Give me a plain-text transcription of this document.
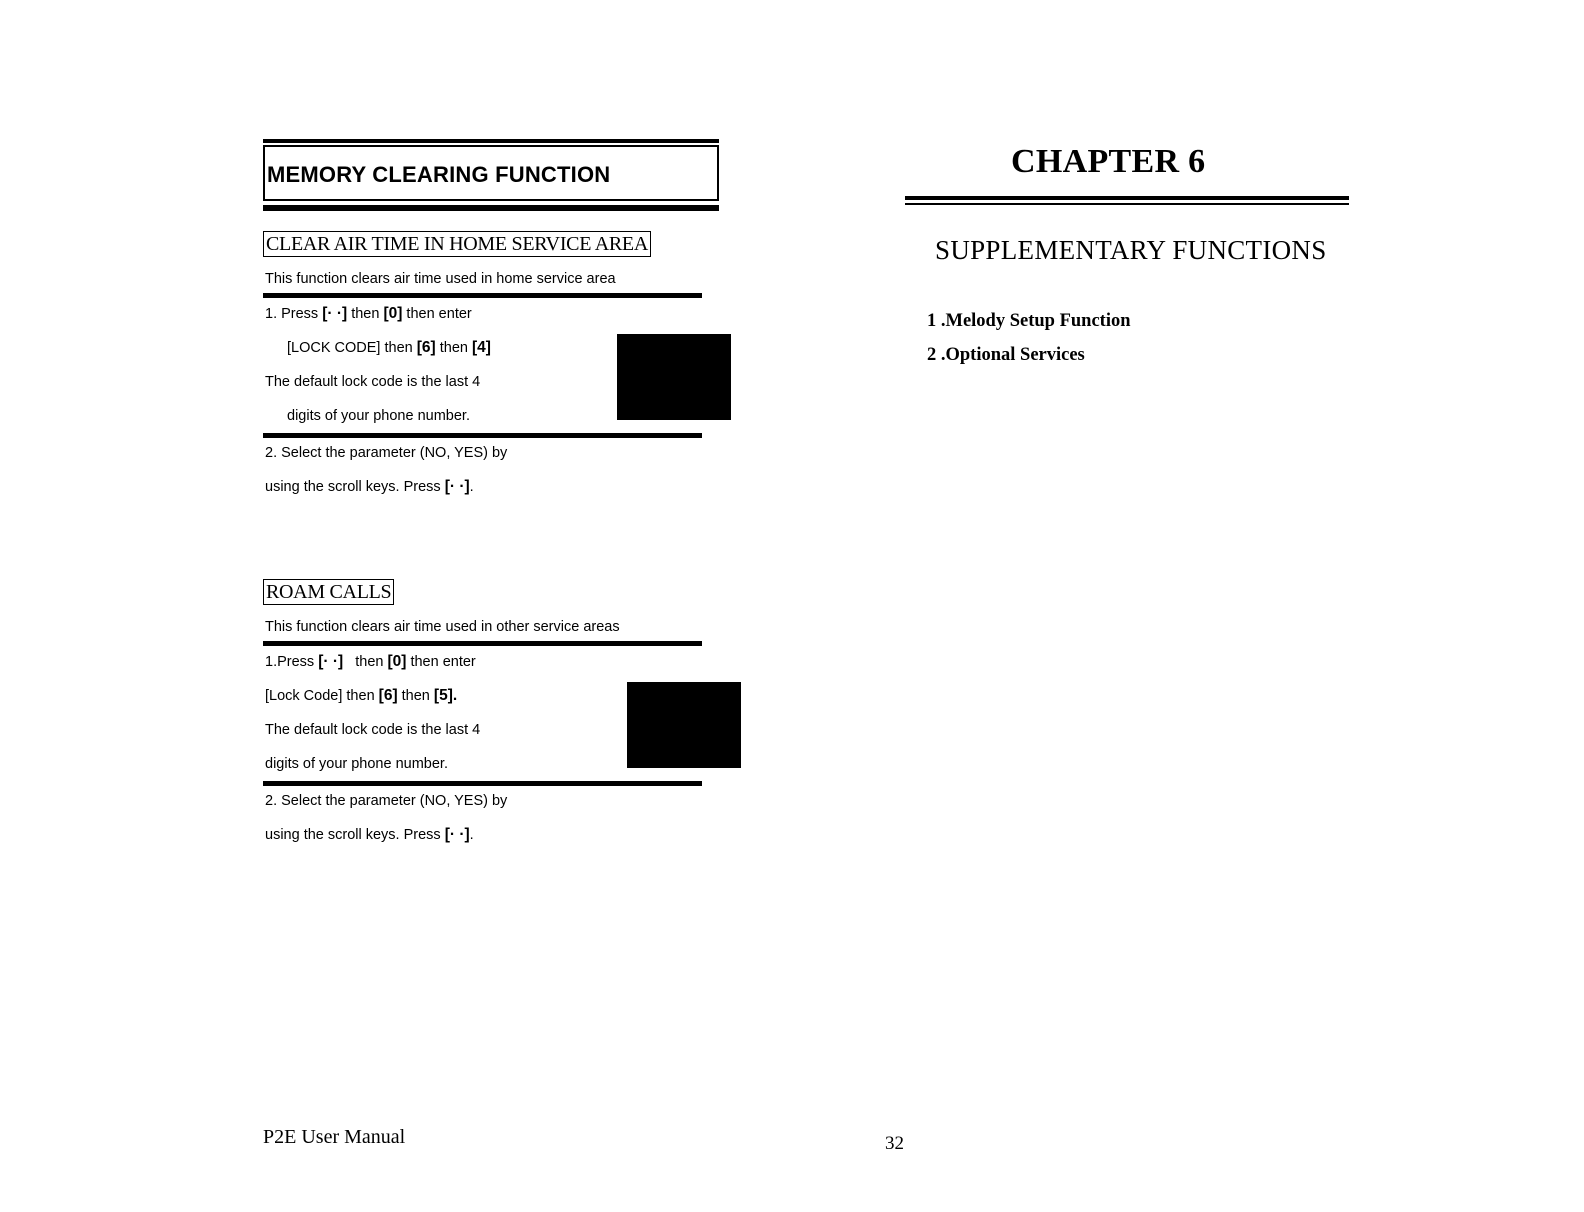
MEMORY CLEARING FUNCTION
CLEAR AIR TIME IN HOME SERVICE AREA
This function clears air time used in home service area
1. Press [· ·] then [0] then enter
[LOCK CODE] then [6] then [4]
The default lock code is the last 4
digits of your phone number.
2. Select the parameter (NO, YES) by
using the scroll keys. Press [· ·].
ROAM CALLS
This function clears air time used in other service areas
1.Press [· ·]   then [0] then enter
[Lock Code] then [6] then [5].
The default lock code is the last 4
digits of your phone number.
2. Select the parameter (NO, YES) by
using the scroll keys. Press [· ·].
CHAPTER 6
SUPPLEMENTARY FUNCTIONS
1 .Melody Setup Function
2 .Optional Services
P2E User Manual	32
